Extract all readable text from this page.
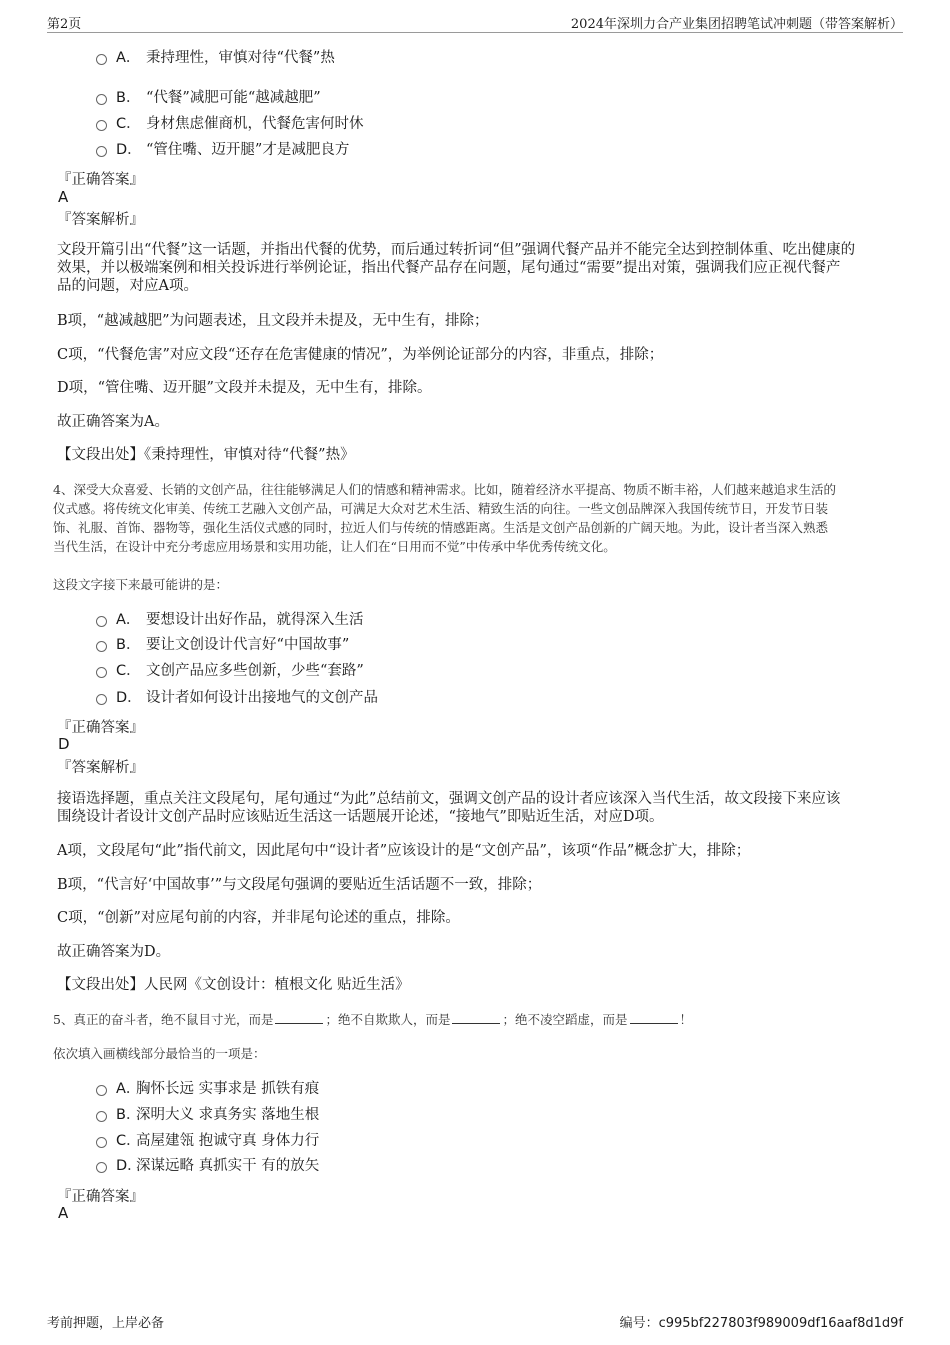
第2页	2024年深圳力合产业集团招聘笔试冲刺题（带答案解析）
A． 秉持理性，审慎对待“代餐”热
B． “代餐”减肥可能“越减越肥”
C． 身材焦虑催商机，代餐危害何时休
D． “管住嘴、迈开腿”才是减肥良方
『正确答案』
A
『答案解析』
文段开篇引出“代餐”这一话题，并指出代餐的优势，而后通过转折词“但”强调代餐产品并不能完全达到控制体重、吃出健康的
效果，并以极端案例和相关投诉进行举例论证，指出代餐产品存在问题，尾句通过“需要”提出对策，强调我们应正视代餐产
品的问题，对应A项。
B项，“越减越肥”为问题表述，且文段并未提及，无中生有，排除；
C项，“代餐危害”对应文段“还存在危害健康的情况”，为举例论证部分的内容，非重点，排除；
D项，“管住嘴、迈开腿”文段并未提及，无中生有，排除。
故正确答案为A。
【文段出处】《秉持理性，审慎对待“代餐”热》
4、深受大众喜爱、长销的文创产品，往往能够满足人们的情感和精神需求。比如，随着经济水平提高、物质不断丰裕，人们越来越追求生活的
仪式感。将传统文化审美、传统工艺融入文创产品，可满足大众对艺术生活、精致生活的向往。一些文创品牌深入我国传统节日，开发节日装
饰、礼服、首饰、器物等，强化生活仪式感的同时，拉近人们与传统的情感距离。生活是文创产品创新的广阔天地。为此，设计者当深入熟悉
当代生活，在设计中充分考虑应用场景和实用功能，让人们在“日用而不觉”中传承中华优秀传统文化。
这段文字接下来最可能讲的是：
A． 要想设计出好作品，就得深入生活
B． 要让文创设计代言好“中国故事”
C． 文创产品应多些创新，少些“套路”
D． 设计者如何设计出接地气的文创产品
『正确答案』
D
『答案解析』
接语选择题，重点关注文段尾句，尾句通过“为此”总结前文，强调文创产品的设计者应该深入当代生活，故文段接下来应该
围绕设计者设计文创产品时应该贴近生活这一话题展开论述，“接地气”即贴近生活，对应D项。
A项，文段尾句“此”指代前文，因此尾句中“设计者”应该设计的是“文创产品”，该项“作品”概念扩大，排除；
B项，“代言好‘中国故事’”与文段尾句强调的要贴近生活话题不一致，排除；
C项，“创新”对应尾句前的内容，并非尾句论述的重点，排除。
故正确答案为D。
【文段出处】人民网《文创设计：植根文化 贴近生活》
5、真正的奋斗者，绝不鼠目寸光，而是	；绝不自欺欺人，而是	；绝不凌空蹈虚，而是	！
依次填入画横线部分最恰当的一项是：
A．胸怀长远 实事求是 抓铁有痕
B．深明大义 求真务实 落地生根
C．高屋建瓴 抱诚守真 身体力行
D．深谋远略 真抓实干 有的放矢
『正确答案』
A
考前押题，上岸必备	编号：c995bf227803f989009df16aaf8d1d9f
